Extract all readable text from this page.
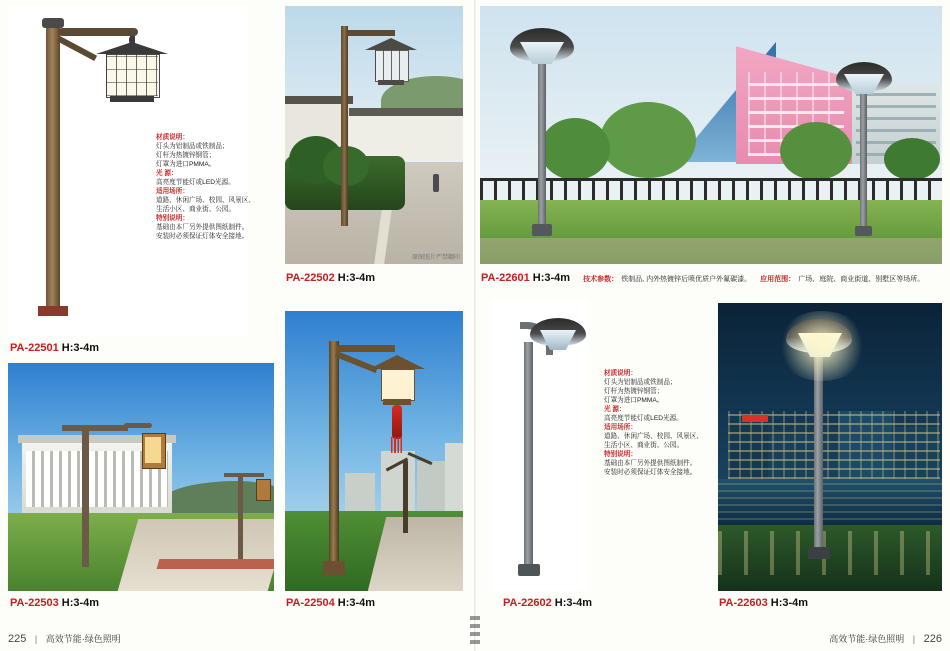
材质说明：
灯头为铝制品或铁制品；
灯杆为热镀锌钢管；
灯罩为进口PMMA。
光 源：
高亮度节能灯或LED光源。
适用场所：
道路、休闲广场、校园、风景区、
生活小区、商业街、公园。
特别说明：
基础由本厂另外提供图纸制件。
安装时必须保证灯体安全接地。
PA-22501 H:3-4m
PA-22503 H:3-4m
原图照片严禁翻印
PA-22502 H:3-4m
PA-22504 H:3-4m
PA-22601 H:3-4m 技术参数： 铁制品, 内外热镀锌后喷优质户外氟碳漆。 应用范围： 广场、庭院、商业街道、别墅区等场所。
材质说明：
灯头为铝制品或铁制品；
灯杆为热镀锌钢管；
灯罩为进口PMMA。
光 源：
高亮度节能灯或LED光源。
适用场所：
道路、休闲广场、校园、风景区、
生活小区、商业街、公园。
特别说明：
基础由本厂另外提供图纸制件。
安装时必须保证灯体安全接地。
PA-22602 H:3-4m	PA-22603 H:3-4m
225 | 高效节能·绿色照明	高效节能·绿色照明 | 226
